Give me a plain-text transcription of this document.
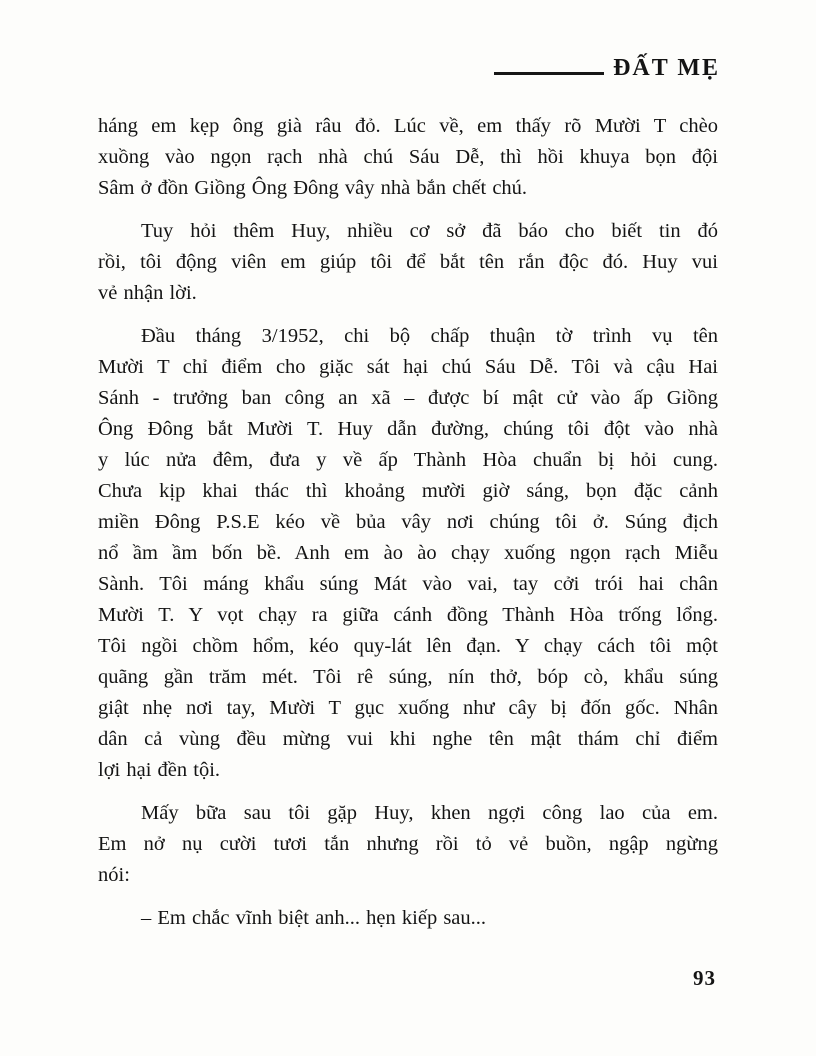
ĐẤT MẸ
háng em kẹp ông già râu đỏ. Lúc về, em thấy rõ Mười T chèo
xuồng vào ngọn rạch nhà chú Sáu Dễ, thì hồi khuya bọn đội
Sâm ở đồn Giồng Ông Đông vây nhà bắn chết chú.
Tuy hỏi thêm Huy, nhiều cơ sở đã báo cho biết tin đó
rồi, tôi động viên em giúp tôi để bắt tên rắn độc đó. Huy vui
vẻ nhận lời.
Đầu tháng 3/1952, chi bộ chấp thuận tờ trình vụ tên
Mười T chỉ điểm cho giặc sát hại chú Sáu Dễ. Tôi và cậu Hai
Sánh - trưởng ban công an xã – được bí mật cử vào ấp Giồng
Ông Đông bắt Mười T. Huy dẫn đường, chúng tôi đột vào nhà
y lúc nửa đêm, đưa y về ấp Thành Hòa chuẩn bị hỏi cung.
Chưa kịp khai thác thì khoảng mười giờ sáng, bọn đặc cảnh
miền Đông P.S.E kéo về bủa vây nơi chúng tôi ở. Súng địch
nổ ầm ầm bốn bề. Anh em ào ào chạy xuống ngọn rạch Miễu
Sành. Tôi máng khẩu súng Mát vào vai, tay cởi trói hai chân
Mười T. Y vọt chạy ra giữa cánh đồng Thành Hòa trống lổng.
Tôi ngồi chồm hổm, kéo quy-lát lên đạn. Y chạy cách tôi một
quãng gần trăm mét. Tôi rê súng, nín thở, bóp cò, khẩu súng
giật nhẹ nơi tay, Mười T gục xuống như cây bị đốn gốc. Nhân
dân cả vùng đều mừng vui khi nghe tên mật thám chỉ điểm
lợi hại đền tội.
Mấy bữa sau tôi gặp Huy, khen ngợi công lao của em.
Em nở nụ cười tươi tắn nhưng rồi tỏ vẻ buồn, ngập ngừng
nói:
– Em chắc vĩnh biệt anh... hẹn kiếp sau...
93
